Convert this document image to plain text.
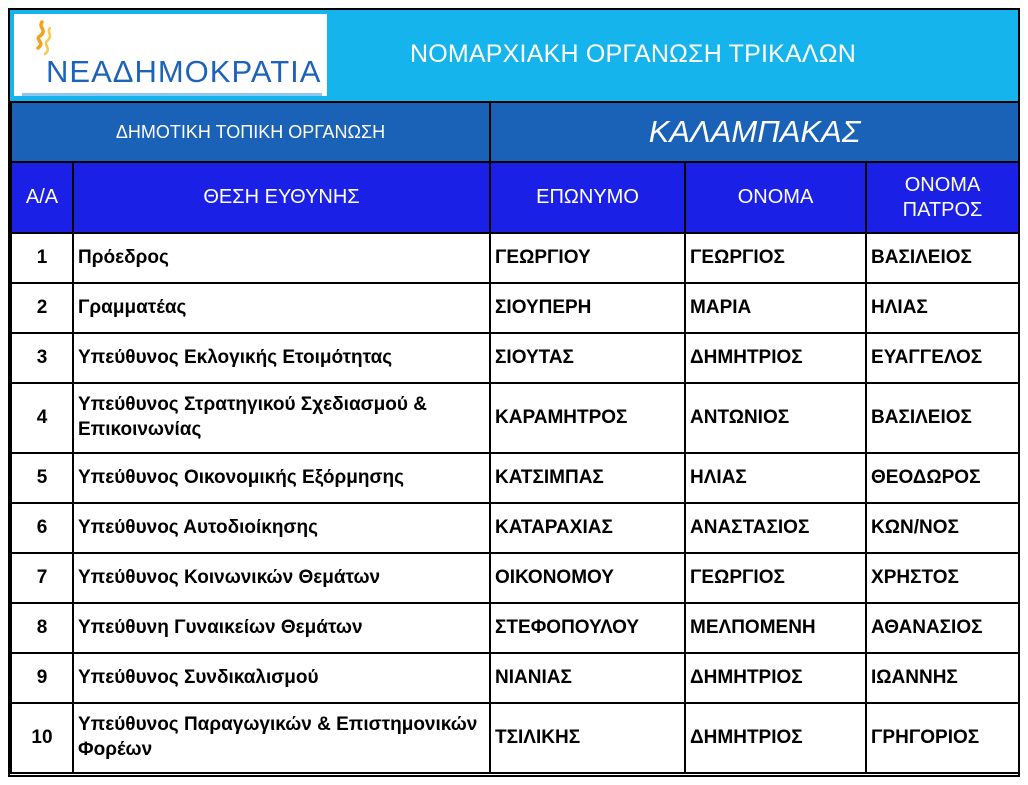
ΝΕΑΔΗΜΟΚΡΑΤΙΑ	ΝΟΜΑΡΧΙΑΚΗ ΟΡΓΑΝΩΣΗ ΤΡΙΚΑΛΩΝ
ΔΗΜΟΤΙΚΗ ΤΟΠΙΚΗ ΟΡΓΑΝΩΣΗ		ΚΑΛΑΜΠΑΚΑΣ		
Α/Α	ΘΕΣΗ ΕΥΘΥΝΗΣ	ΕΠΩΝΥΜΟ	ΟΝΟΜΑ	ΟΝΟΜΑ
ΠΑΤΡΟΣ

1	Πρόεδρος	ΓΕΩΡΓΙΟΥ	ΓΕΩΡΓΙΟΣ	ΒΑΣΙΛΕΙΟΣ
2	Γραμματέας	ΣΙΟΥΠΕΡΗ	ΜΑΡΙΑ	ΗΛΙΑΣ
3	Υπεύθυνος Εκλογικής Ετοιμότητας	ΣΙΟΥΤΑΣ	ΔΗΜΗΤΡΙΟΣ	ΕΥΑΓΓΕΛΟΣ
4	Υπεύθυνος Στρατηγικού Σχεδιασμού & Επικοινωνίας	ΚΑΡΑΜΗΤΡΟΣ	ΑΝΤΩΝΙΟΣ	ΒΑΣΙΛΕΙΟΣ
5	Υπεύθυνος Οικονομικής Εξόρμησης	ΚΑΤΣΙΜΠΑΣ	ΗΛΙΑΣ	ΘΕΟΔΩΡΟΣ
6	Υπεύθυνος Αυτοδιοίκησης	ΚΑΤΑΡΑΧΙΑΣ	ΑΝΑΣΤΑΣΙΟΣ	ΚΩΝ/ΝΟΣ
7	Υπεύθυνος Κοινωνικών Θεμάτων	ΟΙΚΟΝΟΜΟΥ	ΓΕΩΡΓΙΟΣ	ΧΡΗΣΤΟΣ
8	Υπεύθυνη Γυναικείων Θεμάτων	ΣΤΕΦΟΠΟΥΛΟΥ	ΜΕΛΠΟΜΕΝΗ	ΑΘΑΝΑΣΙΟΣ
9	Υπεύθυνος Συνδικαλισμού	ΝΙΑΝΙΑΣ	ΔΗΜΗΤΡΙΟΣ	ΙΩΑΝΝΗΣ
10	Υπεύθυνος Παραγωγικών & Επιστημονικών Φορέων	ΤΣΙΛΙΚΗΣ	ΔΗΜΗΤΡΙΟΣ	ΓΡΗΓΟΡΙΟΣ
